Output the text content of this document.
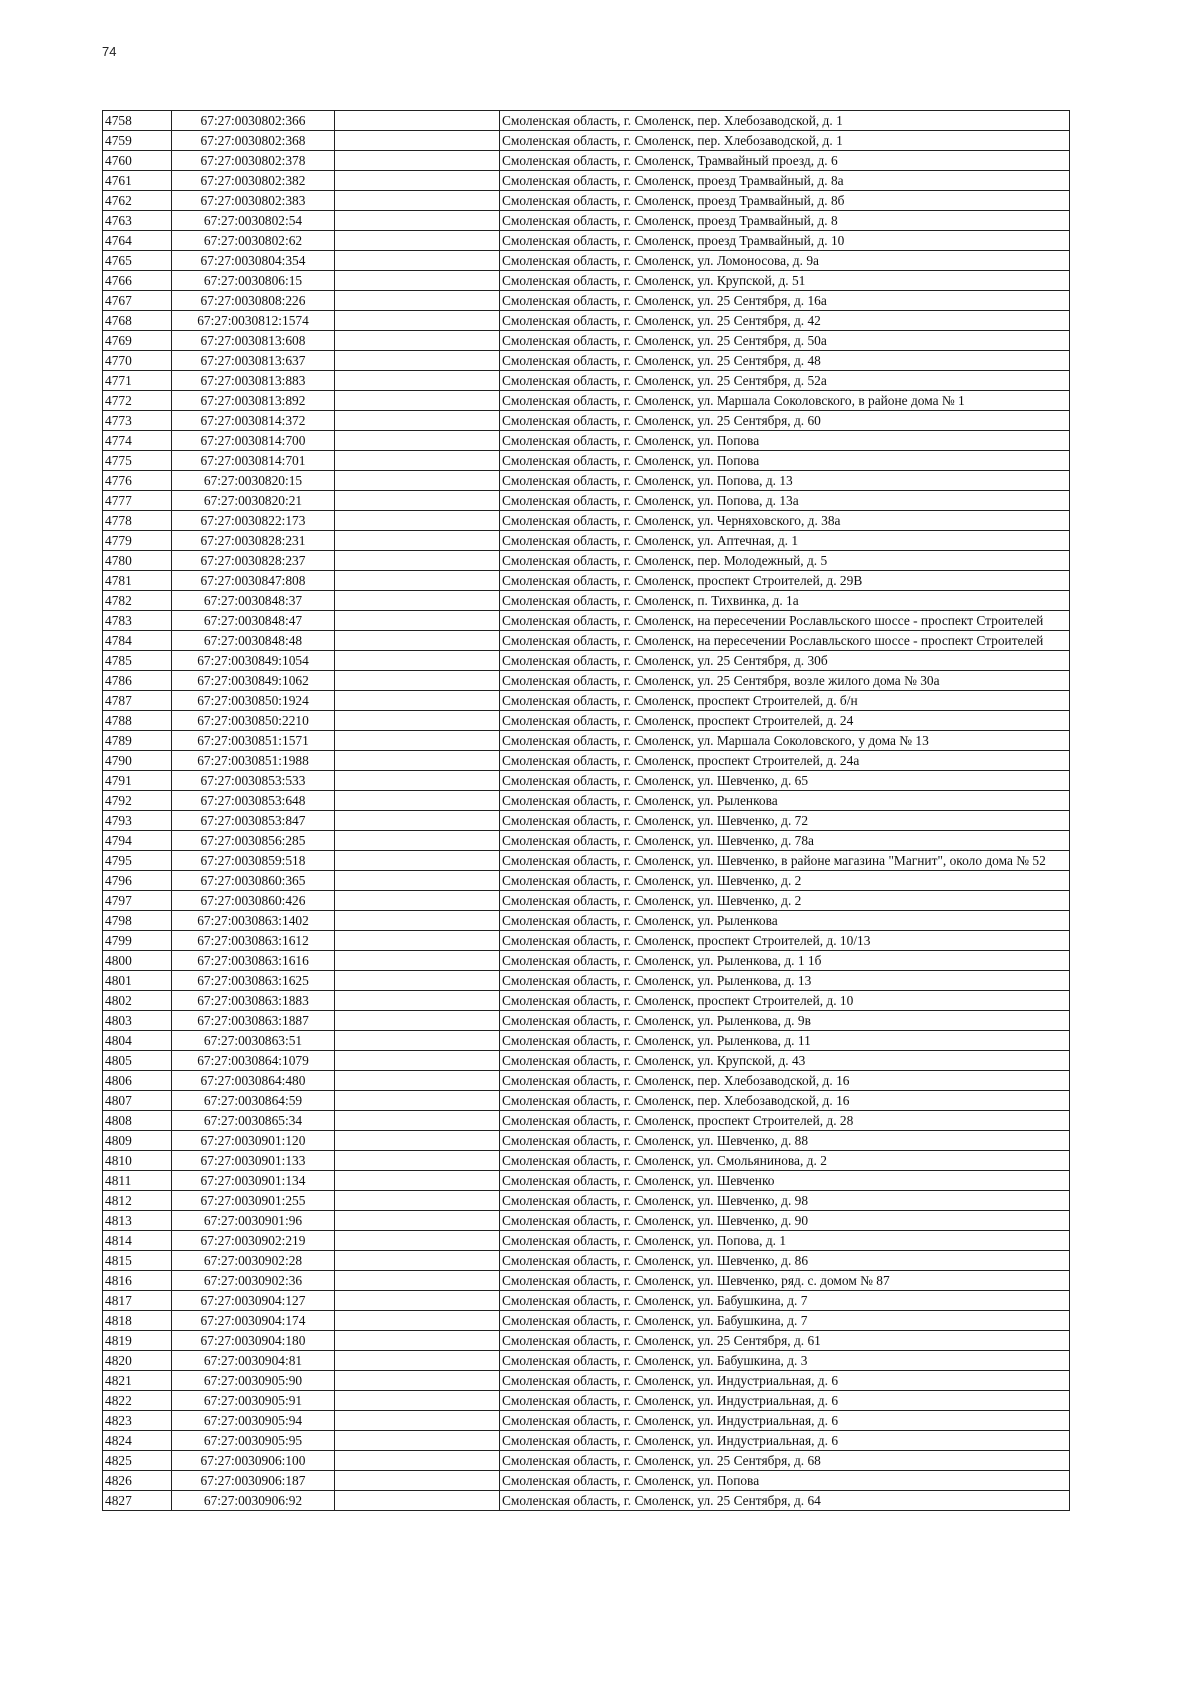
74
4758	67:27:0030802:366		Смоленская область, г. Смоленск, пер. Хлебозаводской, д. 1
4759	67:27:0030802:368		Смоленская область, г. Смоленск, пер. Хлебозаводской, д. 1
4760	67:27:0030802:378		Смоленская область, г. Смоленск, Трамвайный проезд, д. 6
4761	67:27:0030802:382		Смоленская область, г. Смоленск, проезд Трамвайный, д. 8а
4762	67:27:0030802:383		Смоленская область, г. Смоленск, проезд Трамвайный, д. 8б
4763	67:27:0030802:54		Смоленская область, г. Смоленск, проезд Трамвайный, д. 8
4764	67:27:0030802:62		Смоленская область, г. Смоленск, проезд Трамвайный, д. 10
4765	67:27:0030804:354		Смоленская область, г. Смоленск, ул. Ломоносова, д. 9а
4766	67:27:0030806:15		Смоленская область, г. Смоленск, ул. Крупской, д. 51
4767	67:27:0030808:226		Смоленская область, г. Смоленск, ул. 25 Сентября, д. 16а
4768	67:27:0030812:1574		Смоленская область, г. Смоленск, ул. 25 Сентября, д. 42
4769	67:27:0030813:608		Смоленская область, г. Смоленск, ул. 25 Сентября, д. 50а
4770	67:27:0030813:637		Смоленская область, г. Смоленск, ул. 25 Сентября, д. 48
4771	67:27:0030813:883		Смоленская область, г. Смоленск, ул. 25 Сентября, д. 52а
4772	67:27:0030813:892		Смоленская область, г. Смоленск, ул. Маршала Соколовского, в районе дома № 1
4773	67:27:0030814:372		Смоленская область, г. Смоленск, ул. 25 Сентября, д. 60
4774	67:27:0030814:700		Смоленская область, г. Смоленск, ул. Попова
4775	67:27:0030814:701		Смоленская область, г. Смоленск, ул. Попова
4776	67:27:0030820:15		Смоленская область, г. Смоленск, ул. Попова, д. 13
4777	67:27:0030820:21		Смоленская область, г. Смоленск, ул. Попова, д. 13а
4778	67:27:0030822:173		Смоленская область, г. Смоленск, ул. Черняховского, д. 38а
4779	67:27:0030828:231		Смоленская область, г. Смоленск, ул. Аптечная, д. 1
4780	67:27:0030828:237		Смоленская область, г. Смоленск, пер. Молодежный, д. 5
4781	67:27:0030847:808		Смоленская область, г. Смоленск, проспект Строителей, д. 29В
4782	67:27:0030848:37		Смоленская область, г. Смоленск, п. Тихвинка, д. 1а
4783	67:27:0030848:47		Смоленская область, г. Смоленск, на пересечении Рославльского шоссе - проспект Строителей
4784	67:27:0030848:48		Смоленская область, г. Смоленск, на пересечении Рославльского шоссе - проспект Строителей
4785	67:27:0030849:1054		Смоленская область, г. Смоленск, ул. 25 Сентября, д. 30б
4786	67:27:0030849:1062		Смоленская область, г. Смоленск, ул. 25 Сентября, возле жилого дома № 30а
4787	67:27:0030850:1924		Смоленская область, г. Смоленск, проспект Строителей, д. б/н
4788	67:27:0030850:2210		Смоленская область, г. Смоленск, проспект Строителей, д. 24
4789	67:27:0030851:1571		Смоленская область, г. Смоленск, ул. Маршала Соколовского, у дома № 13
4790	67:27:0030851:1988		Смоленская область, г. Смоленск, проспект Строителей, д. 24а
4791	67:27:0030853:533		Смоленская область, г. Смоленск, ул. Шевченко, д. 65
4792	67:27:0030853:648		Смоленская область, г. Смоленск, ул. Рыленкова
4793	67:27:0030853:847		Смоленская область, г. Смоленск, ул. Шевченко, д. 72
4794	67:27:0030856:285		Смоленская область, г. Смоленск, ул. Шевченко, д. 78а
4795	67:27:0030859:518		Смоленская область, г. Смоленск, ул. Шевченко, в районе магазина "Магнит", около дома № 52
4796	67:27:0030860:365		Смоленская область, г. Смоленск, ул. Шевченко, д. 2
4797	67:27:0030860:426		Смоленская область, г. Смоленск, ул. Шевченко, д. 2
4798	67:27:0030863:1402		Смоленская область, г. Смоленск, ул. Рыленкова
4799	67:27:0030863:1612		Смоленская область, г. Смоленск, проспект Строителей, д. 10/13
4800	67:27:0030863:1616		Смоленская область, г. Смоленск, ул. Рыленкова, д. 1 1б
4801	67:27:0030863:1625		Смоленская область, г. Смоленск, ул. Рыленкова, д. 13
4802	67:27:0030863:1883		Смоленская область, г. Смоленск, проспект Строителей, д. 10
4803	67:27:0030863:1887		Смоленская область, г. Смоленск, ул. Рыленкова, д. 9в
4804	67:27:0030863:51		Смоленская область, г. Смоленск, ул. Рыленкова, д. 11
4805	67:27:0030864:1079		Смоленская область, г. Смоленск, ул. Крупской, д. 43
4806	67:27:0030864:480		Смоленская область, г. Смоленск, пер. Хлебозаводской, д. 16
4807	67:27:0030864:59		Смоленская область, г. Смоленск, пер. Хлебозаводской, д. 16
4808	67:27:0030865:34		Смоленская область, г. Смоленск, проспект Строителей, д. 28
4809	67:27:0030901:120		Смоленская область, г. Смоленск, ул. Шевченко, д. 88
4810	67:27:0030901:133		Смоленская область, г. Смоленск, ул. Смольянинова, д. 2
4811	67:27:0030901:134		Смоленская область, г. Смоленск, ул. Шевченко
4812	67:27:0030901:255		Смоленская область, г. Смоленск, ул. Шевченко, д. 98
4813	67:27:0030901:96		Смоленская область, г. Смоленск, ул. Шевченко, д. 90
4814	67:27:0030902:219		Смоленская область, г. Смоленск, ул. Попова, д. 1
4815	67:27:0030902:28		Смоленская область, г. Смоленск, ул. Шевченко, д. 86
4816	67:27:0030902:36		Смоленская область, г. Смоленск, ул. Шевченко, ряд. с. домом № 87
4817	67:27:0030904:127		Смоленская область, г. Смоленск, ул. Бабушкина, д. 7
4818	67:27:0030904:174		Смоленская область, г. Смоленск, ул. Бабушкина, д. 7
4819	67:27:0030904:180		Смоленская область, г. Смоленск, ул. 25 Сентября, д. 61
4820	67:27:0030904:81		Смоленская область, г. Смоленск, ул. Бабушкина, д. 3
4821	67:27:0030905:90		Смоленская область, г. Смоленск, ул. Индустриальная, д. 6
4822	67:27:0030905:91		Смоленская область, г. Смоленск, ул. Индустриальная, д. 6
4823	67:27:0030905:94		Смоленская область, г. Смоленск, ул. Индустриальная, д. 6
4824	67:27:0030905:95		Смоленская область, г. Смоленск, ул. Индустриальная, д. 6
4825	67:27:0030906:100		Смоленская область, г. Смоленск, ул. 25 Сентября, д. 68
4826	67:27:0030906:187		Смоленская область, г. Смоленск, ул. Попова
4827	67:27:0030906:92		Смоленская область, г. Смоленск, ул. 25 Сентября, д. 64
